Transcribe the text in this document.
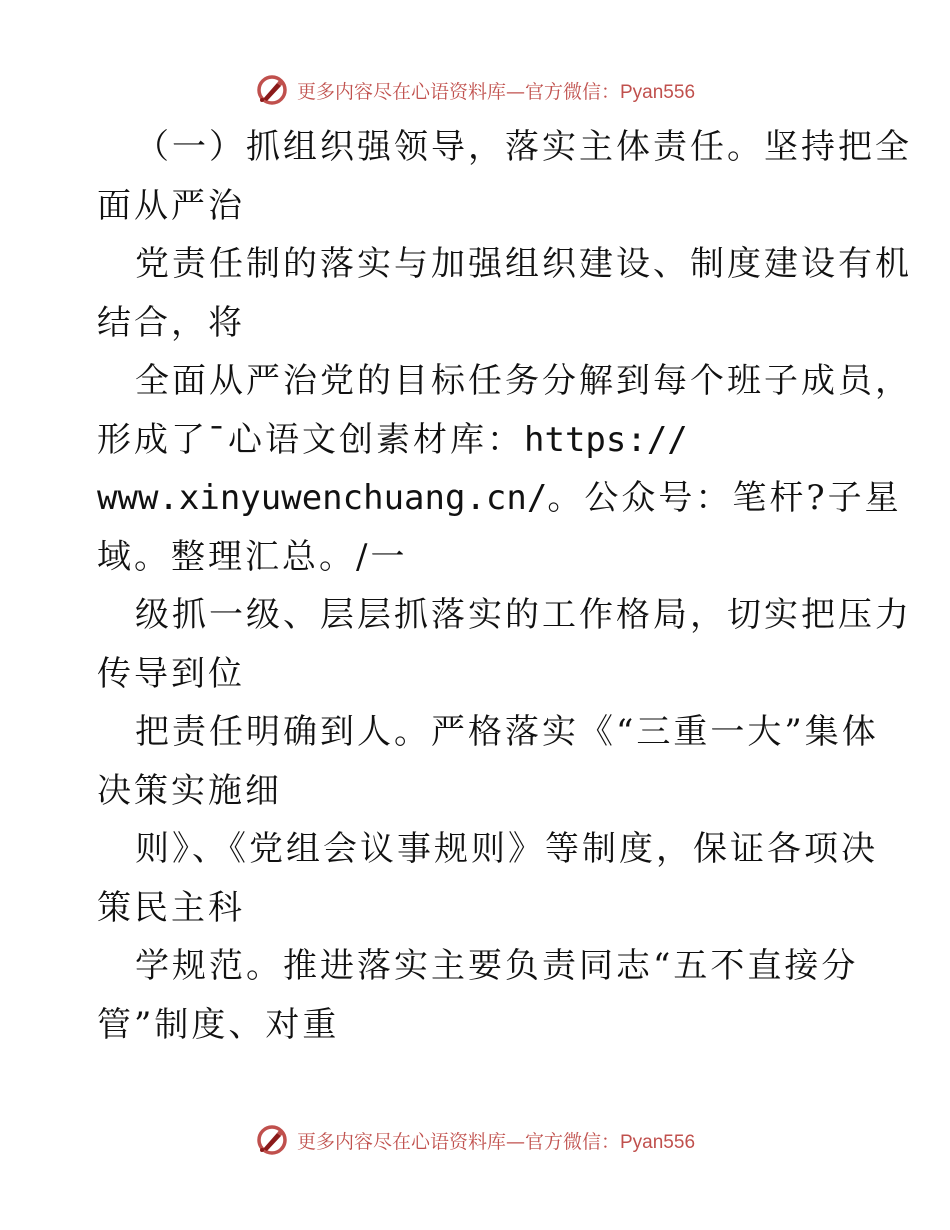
更多内容尽在心语资料库—官方微信：Pyan556
（一）抓组织强领导，落实主体责任。坚持把全
面从严治
党责任制的落实与加强组织建设、制度建设有机
结合，将
全面从严治党的目标任务分解到每个班子成员，
形成了¯心语文创素材库：https://
www.xinyuwenchuang.cn/。公众号：笔杆?子星
域。整理汇总。/一
级抓一级、层层抓落实的工作格局，切实把压力
传导到位
把责任明确到人。严格落实《“三重一大”集体
决策实施细
则》、《党组会议事规则》等制度，保证各项决
策民主科
学规范。推进落实主要负责同志“五不直接分
管”制度、对重
更多内容尽在心语资料库—官方微信：Pyan556
